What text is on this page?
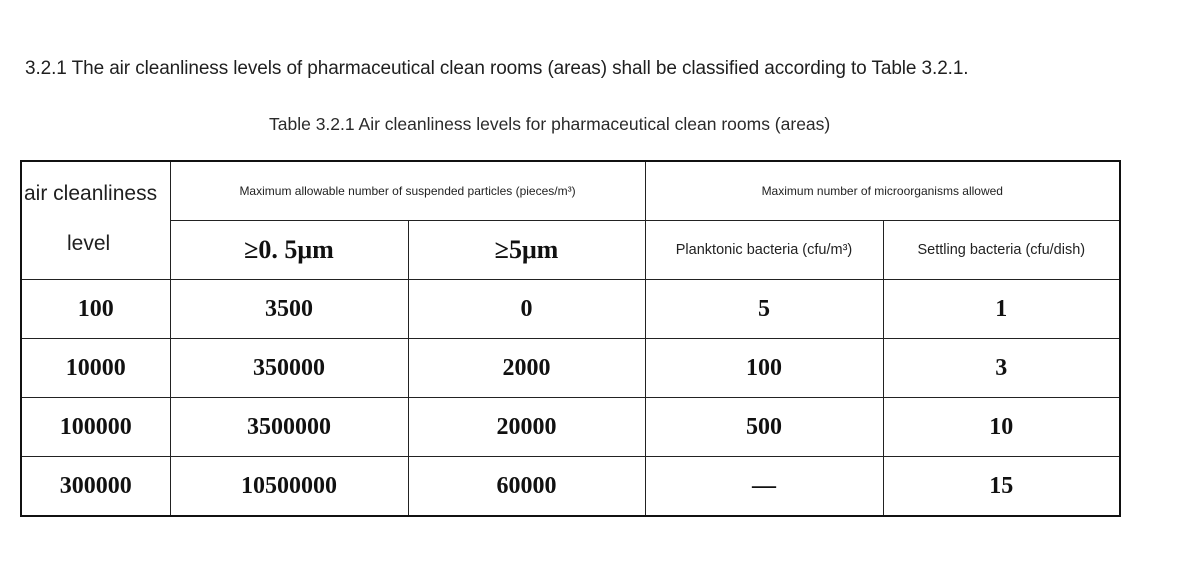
3.2.1 The air cleanliness levels of pharmaceutical clean rooms (areas) shall be classified according to Table 3.2.1.
Table 3.2.1 Air cleanliness levels for pharmaceutical clean rooms (areas)
air cleanliness
level	Maximum allowable number of suspended particles (pieces/m³)		Maximum number of microorganisms allowed	
	≥0. 5μm	≥5μm	Planktonic bacteria (cfu/m³)	Settling bacteria (cfu/dish)
100	3500	0	5	1
10000	350000	2000	100	3
100000	3500000	20000	500	10
300000	10500000	60000	—	15
